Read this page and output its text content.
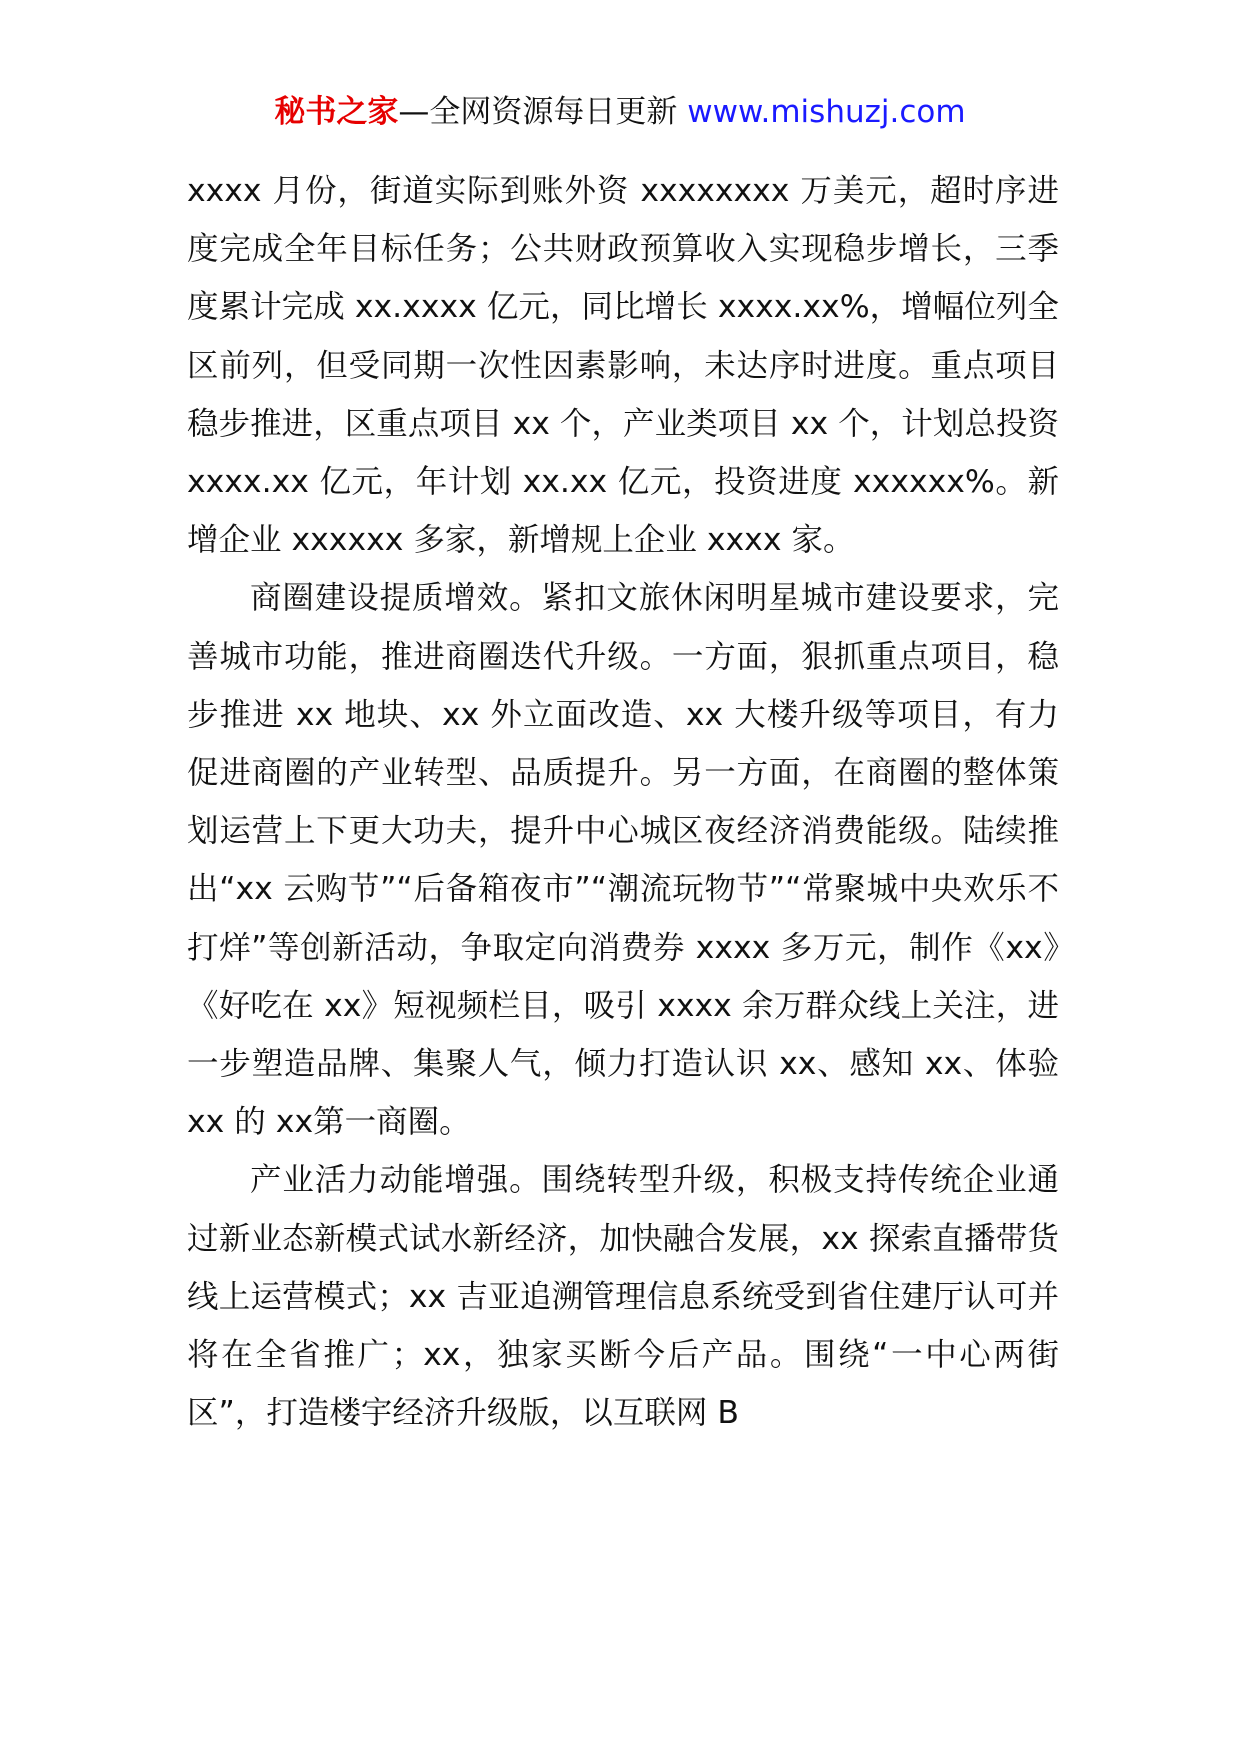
秘书之家—全网资源每日更新 www.mishuzj.com

xxxx 月份，街道实际到账外资 xxxxxxxx 万美元，超时序进度完成全年目标任务；公共财政预算收入实现稳步增长，三季度累计完成 xx.xxxx 亿元，同比增长 xxxx.xx%，增幅位列全区前列，但受同期一次性因素影响，未达序时进度。重点项目稳步推进，区重点项目 xx 个，产业类项目 xx 个，计划总投资 xxxx.xx 亿元，年计划 xx.xx 亿元，投资进度 xxxxxx%。新增企业 xxxxxx 多家，新增规上企业 xxxx 家。

商圈建设提质增效。紧扣文旅休闲明星城市建设要求，完善城市功能，推进商圈迭代升级。一方面，狠抓重点项目，稳步推进 xx 地块、xx 外立面改造、xx 大楼升级等项目，有力促进商圈的产业转型、品质提升。另一方面，在商圈的整体策划运营上下更大功夫，提升中心城区夜经济消费能级。陆续推出“xx 云购节”“后备箱夜市”“潮流玩物节”“常聚城中央欢乐不打烊”等创新活动，争取定向消费券 xxxx 多万元，制作《xx》《好吃在 xx》短视频栏目，吸引 xxxx 余万群众线上关注，进一步塑造品牌、集聚人气，倾力打造认识 xx、感知 xx、体验 xx 的 xx第一商圈。

产业活力动能增强。围绕转型升级，积极支持传统企业通过新业态新模式试水新经济，加快融合发展，xx 探索直播带货线上运营模式；xx 吉亚追溯管理信息系统受到省住建厅认可并将在全省推广；xx，独家买断今后产品。围绕“一中心两街区”，打造楼宇经济升级版，以互联网 B
